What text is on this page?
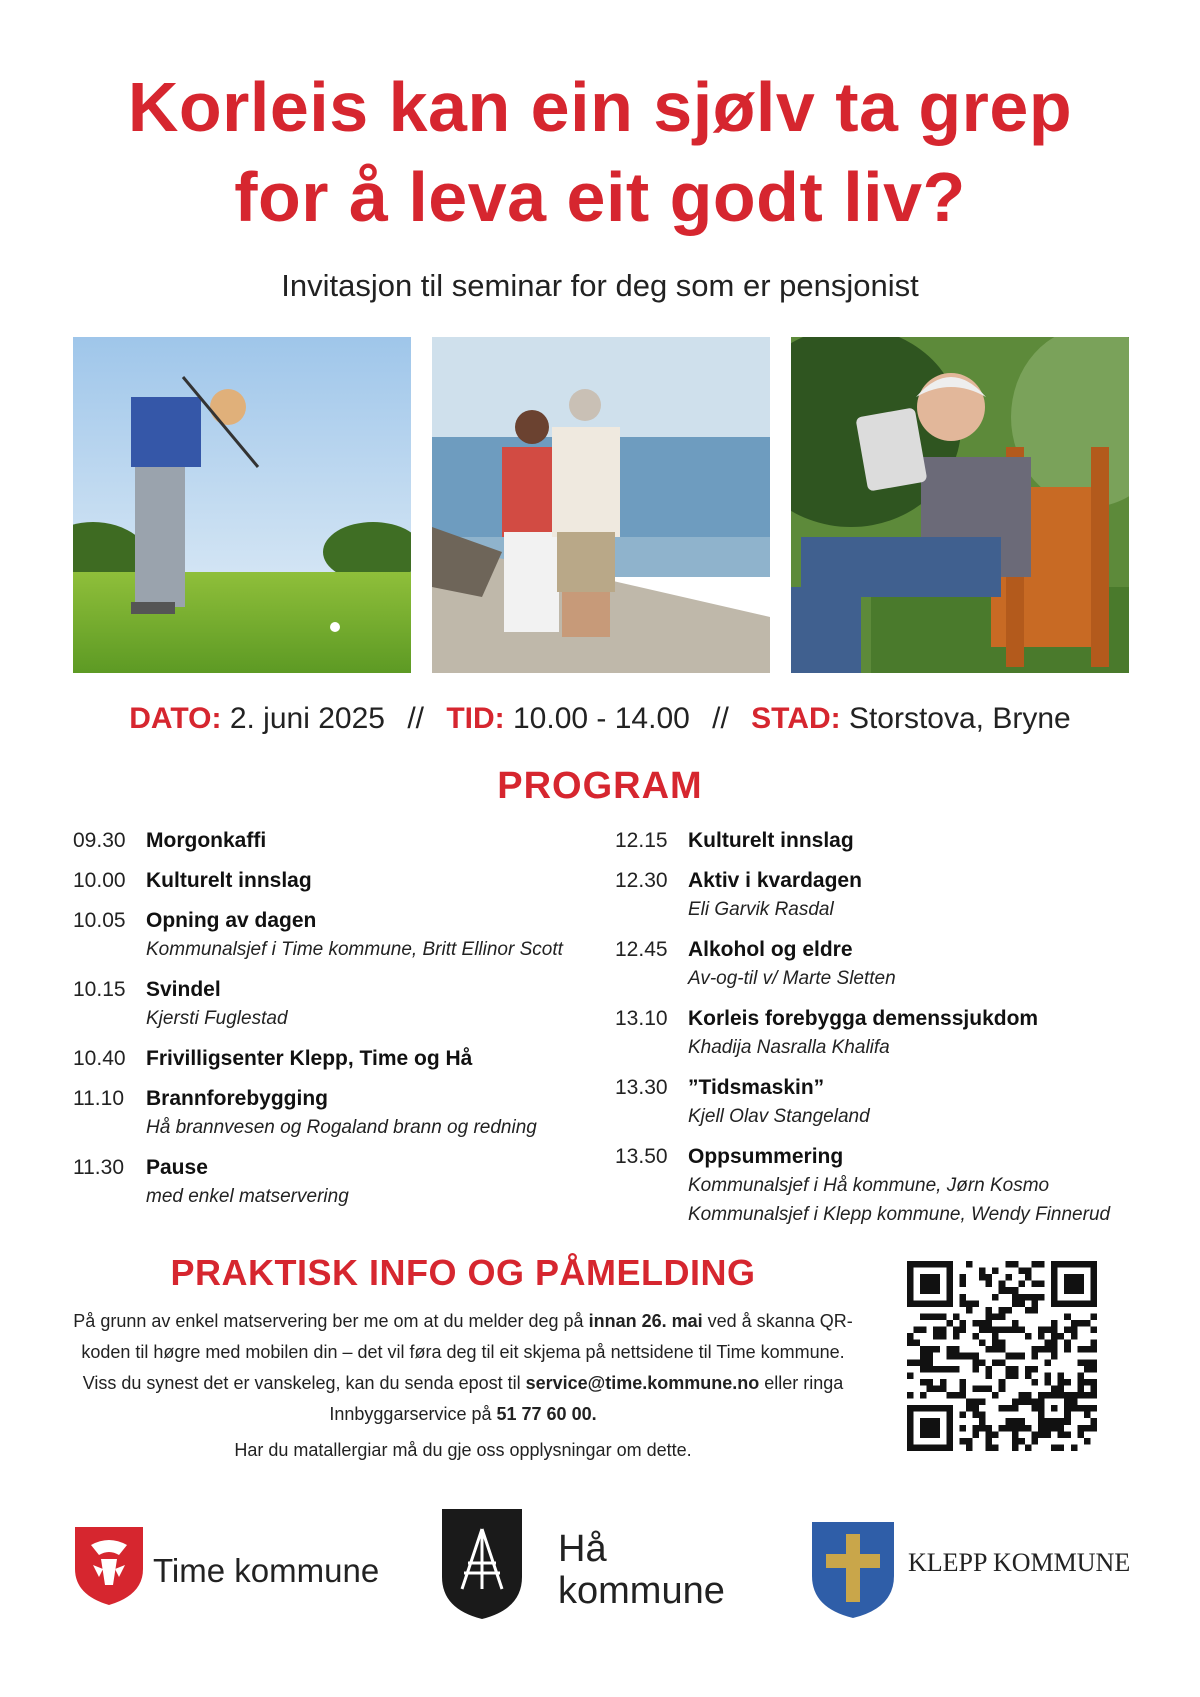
Korleis kan ein sjølv ta grep
for å leva eit godt liv?
Invitasjon til seminar for deg som er pensjonist
DATO: 2. juni 2025 // TID: 10.00 - 14.00 // STAD: Storstova, Bryne
PROGRAM
09.30 Morgonkaffi
10.00 Kulturelt innslag
10.05 Opning av dagen
Kommunalsjef i Time kommune, Britt Ellinor Scott
10.15 Svindel
Kjersti Fuglestad
10.40 Frivilligsenter Klepp, Time og Hå
11.10	Brannforebygging
Hå brannvesen og Rogaland brann og redning
11.30	Pause
med enkel matservering
12.15 Kulturelt innslag
12.30 Aktiv i kvardagen
Eli Garvik Rasdal
12.45 Alkohol og eldre
Av-og-til v/ Marte Sletten
13.10 Korleis forebygga demenssjukdom
Khadija Nasralla Khalifa
13.30 ”Tidsmaskin”
Kjell Olav Stangeland
13.50 Oppsummering
Kommunalsjef i Hå kommune, Jørn Kosmo
Kommunalsjef i Klepp kommune, Wendy Finnerud
PRAKTISK INFO OG PÅMELDING
På grunn av enkel matservering ber me om at du melder deg på innan 26. mai ved å skanna QR-koden til høgre med mobilen din – det vil føra deg til eit skjema på nettsidene til Time kommune. Viss du synest det er vanskeleg, kan du senda epost til service@time.kommune.no eller ringa Innbyggarservice på 51 77 60 00.
Har du matallergiar må du gje oss opplysningar om dette.
Time kommune
Hå
kommune
KLEPP KOMMUNE
